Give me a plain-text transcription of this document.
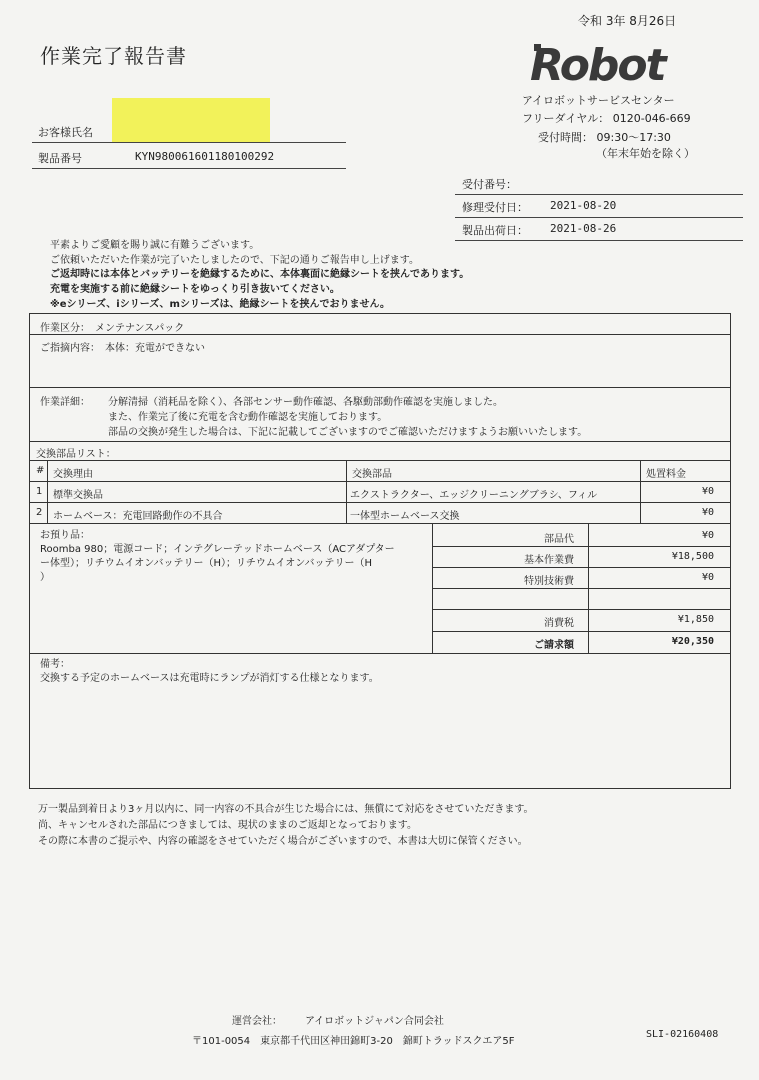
令和 3年 8月26日
作業完了報告書	Robot
アイロボットサービスセンター
フリーダイヤル： 0120-046-669
受付時間： 09:30～17:30
（年末年始を除く）
お客様氏名
製品番号	KYN980061601180100292
受付番号：
修理受付日： 2021-08-20
製品出荷日： 2021-08-26
平素よりご愛顧を賜り誠に有難うございます。
ご依頼いただいた作業が完了いたしましたので、下記の通りご報告申し上げます。
ご返却時には本体とバッテリーを絶縁するために、本体裏面に絶縁シートを挟んであります。
充電を実施する前に絶縁シートをゆっくり引き抜いてください。
※eシリーズ、iシリーズ、mシリーズは、絶縁シートを挟んでおりません。
作業区分：　メンテナンスパック
ご指摘内容：　本体：充電ができない
作業詳細： 分解清掃（消耗品を除く）、各部センサー動作確認、各駆動部動作確認を実施しました。
また、作業完了後に充電を含む動作確認を実施しております。
部品の交換が発生した場合は、下記に記載してございますのでご確認いただけますようお願いいたします。
交換部品リスト：
# 交換理由	交換部品	処置料金
1 標準交換品	エクストラクター、エッジクリーニングブラシ、フィル	¥0
2 ホームベース：充電回路動作の不具合	一体型ホームベース交換	¥0
お預り品：
Roomba 980；電源コード；インテグレーテッドホームベース（ACアダプター
ー体型）；リチウムイオンバッテリー（H）；リチウムイオンバッテリー（H
）
部品代	¥0
基本作業費	¥18,500
特別技術費	¥0
消費税	¥1,850
ご請求額	¥20,350
備考：
交換する予定のホームベースは充電時にランプが消灯する仕様となります。
万一製品到着日より3ヶ月以内に、同一内容の不具合が生じた場合には、無償にて対応をさせていただきます。
尚、キャンセルされた部品につきましては、現状のままのご返却となっております。
その際に本書のご提示や、内容の確認をさせていただく場合がございますので、本書は大切に保管ください。
運営会社： アイロボットジャパン合同会社
〒101-0054　東京都千代田区神田錦町3-20　錦町トラッドスクエア5F
SLI-02160408
